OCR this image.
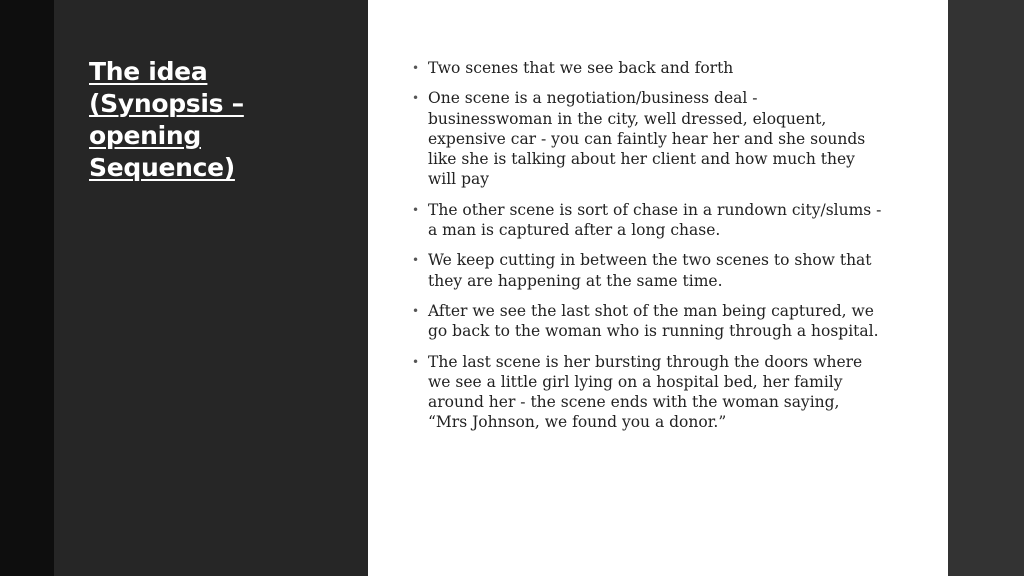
The idea (Synopsis – opening Sequence)
• Two scenes that we see back and forth
• One scene is a negotiation/business deal - businesswoman in the city, well dressed, eloquent, expensive car - you can faintly hear her and she sounds like she is talking about her client and how much they will pay
• The other scene is sort of chase in a rundown city/slums - a man is captured after a long chase.
• We keep cutting in between the two scenes to show that they are happening at the same time.
• After we see the last shot of the man being captured, we go back to the woman who is running through a hospital.
• The last scene is her bursting through the doors where we see a little girl lying on a hospital bed, her family around her - the scene ends with the woman saying, “Mrs Johnson, we found you a donor.”
